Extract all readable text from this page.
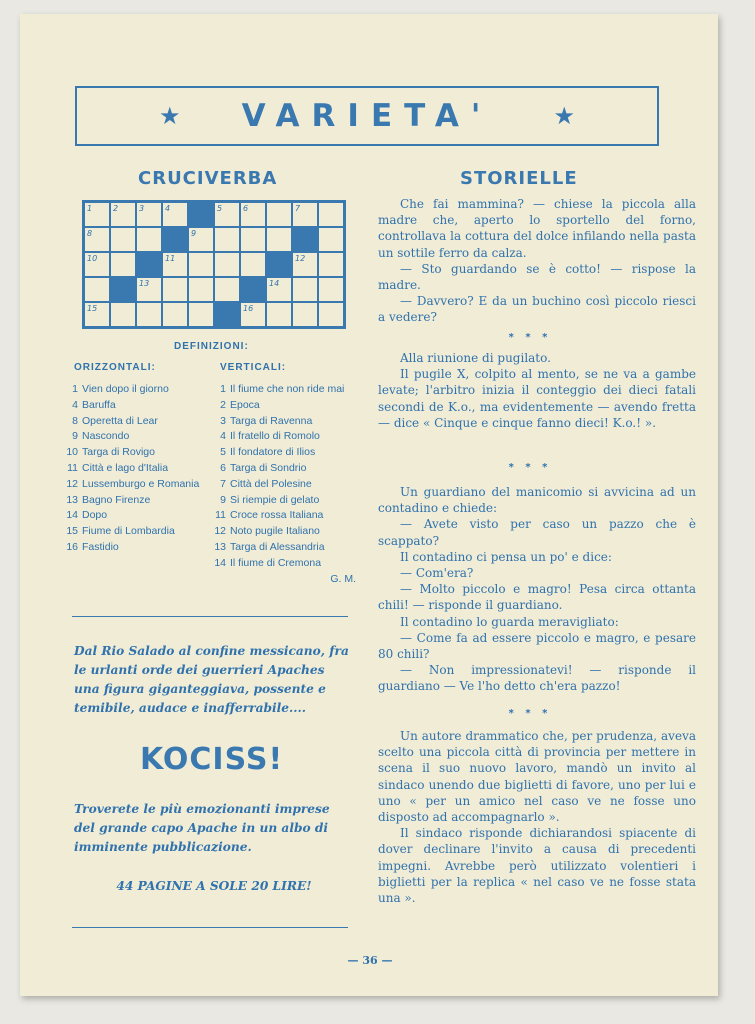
★	VARIETA'	★
CRUCIVERBA
1	2	3	4	5	6	7
8	9
10	11	12
13	14
15	16
DEFINIZIONI:
ORIZZONTALI:	VERTICALI:
1 Vien dopo il giorno
4 Baruffa
8 Operetta di Lear
9 Nascondo
10 Targa di Rovigo
11 Città e lago d'Italia
12 Lussemburgo e Romania
13 Bagno Firenze
14 Dopo
15 Fiume di Lombardia
16 Fastidio
1 Il fiume che non ride mai
2 Epoca
3 Targa di Ravenna
4 Il fratello di Romolo
5 Il fondatore di Ilios
6 Targa di Sondrio
7 Città del Polesine
9 Si riempie di gelato
11 Croce rossa Italiana
12 Noto pugile Italiano
13 Targa di Alessandria
14 Il fiume di Cremona
G. M.
Dal Rio Salado al confine messicano, fra le urlanti orde dei guerrieri Apaches una figura giganteggiava, possente e temibile, audace e inafferrabile....
KOCISS!
Troverete le più emozionanti imprese del grande capo Apache in un albo di imminente pubblicazione.
44 PAGINE A SOLE 20 LIRE!
STORIELLE

Che fai mammina? — chiese la piccola alla madre che, aperto lo sportello del forno, controllava la cottura del dolce infilando nella pasta un sottile ferro da calza.

— Sto guardando se è cotto! — rispose la madre.

— Davvero? E da un buchino così piccolo riesci a vedere?

* * *

Alla riunione di pugilato.

Il pugile X, colpito al mento, se ne va a gambe levate; l'arbitro inizia il conteggio dei dieci fatali secondi de K.o., ma evidentemente — avendo fretta — dice « Cinque e cinque fanno dieci! K.o.! ».

* * *

Un guardiano del manicomio si avvicina ad un contadino e chiede:

— Avete visto per caso un pazzo che è scappato?

Il contadino ci pensa un po' e dice:

— Com'era?

— Molto piccolo e magro! Pesa circa ottanta chili! — risponde il guardiano.

Il contadino lo guarda meravigliato:

— Come fa ad essere piccolo e magro, e pesare 80 chili?

— Non impressionatevi! — risponde il guardiano — Ve l'ho detto ch'era pazzo!

* * *

Un autore drammatico che, per prudenza, aveva scelto una piccola città di provincia per mettere in scena il suo nuovo lavoro, mandò un invito al sindaco unendo due biglietti di favore, uno per lui e uno « per un amico nel caso ve ne fosse uno disposto ad accompagnarlo ».

Il sindaco risponde dichiarandosi spiacente di dover declinare l'invito a causa di precedenti impegni. Avrebbe però utilizzato volentieri i biglietti per la replica « nel caso ve ne fosse stata una ».

— 36 —
